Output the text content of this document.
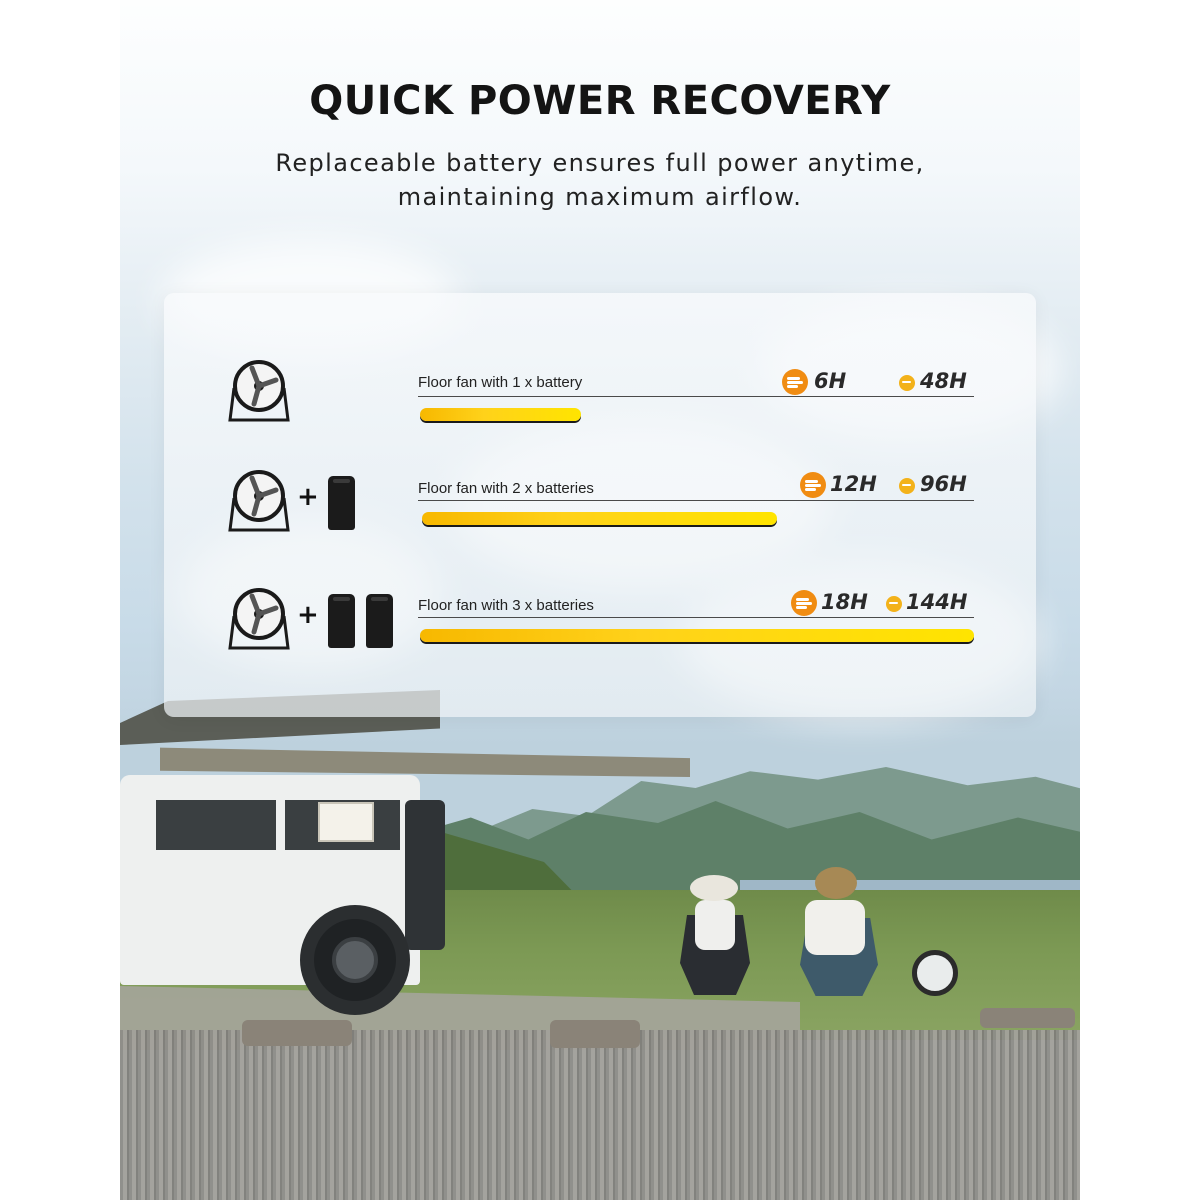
QUICK POWER RECOVERY
Replaceable battery ensures full power anytime,
maintaining maximum airflow.
Floor fan with 1 x battery	6H	48H
+	Floor fan with 2 x batteries	12H 96H
+	Floor fan with 3 x batteries	18H 144H
